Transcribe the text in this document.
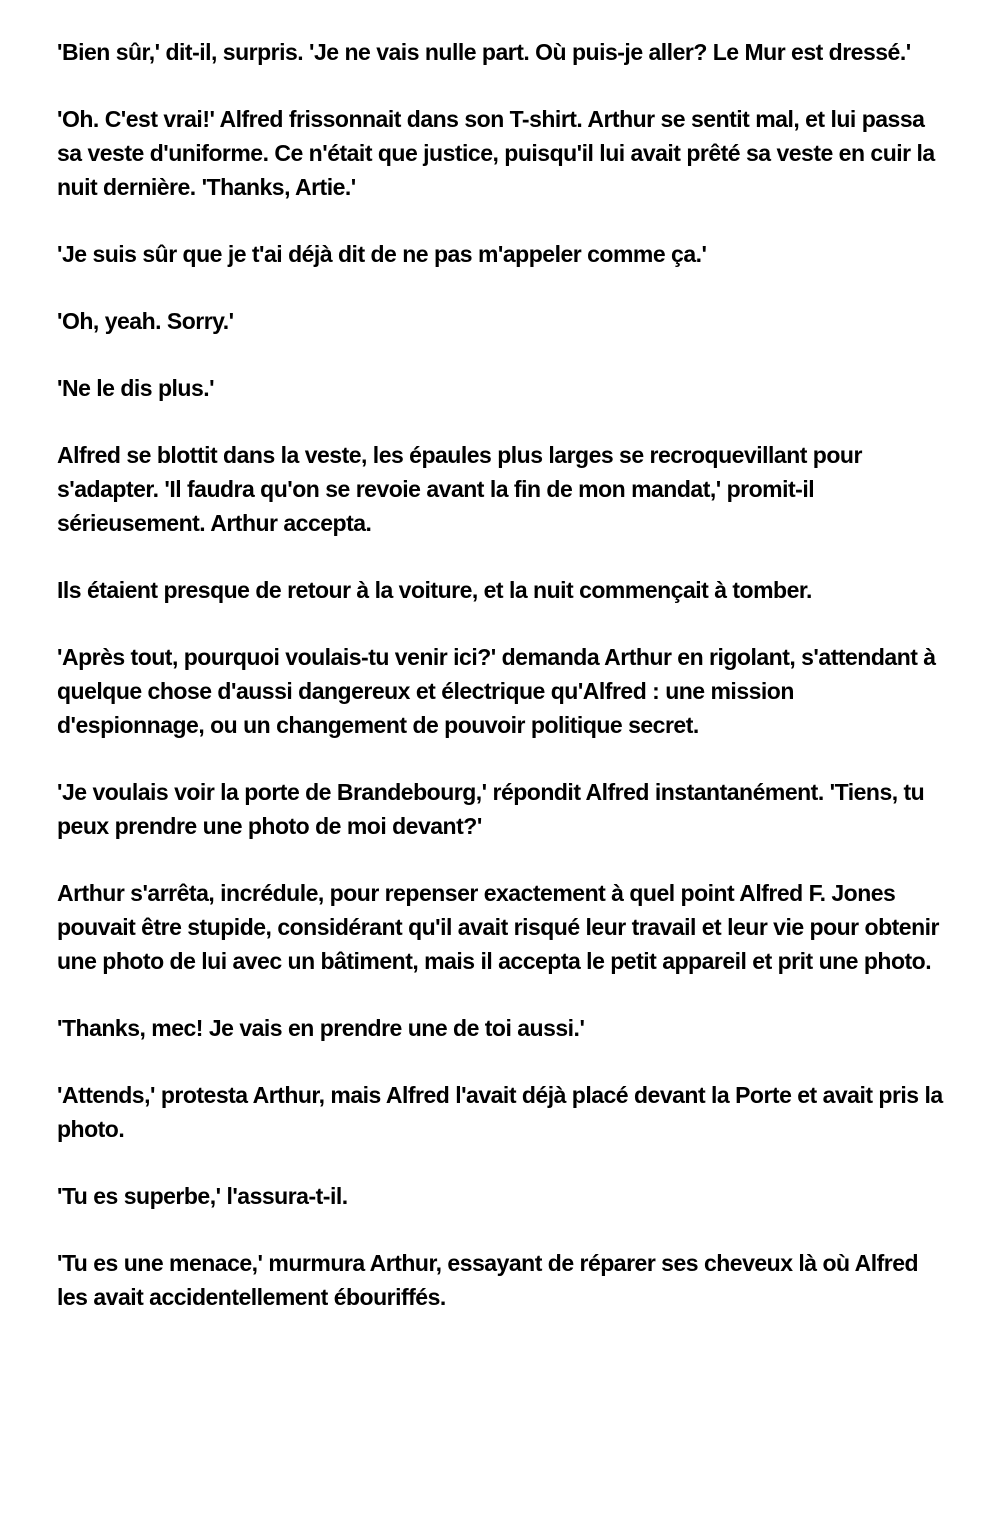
'Bien sûr,' dit-il, surpris. 'Je ne vais nulle part. Où puis-je aller? Le Mur est dressé.'

'Oh. C'est vrai!' Alfred frissonnait dans son T-shirt. Arthur se sentit mal, et lui passa sa veste d'uniforme. Ce n'était que justice, puisqu'il lui avait prêté sa veste en cuir la nuit dernière. 'Thanks, Artie.'

'Je suis sûr que je t'ai déjà dit de ne pas m'appeler comme ça.'

'Oh, yeah. Sorry.'

'Ne le dis plus.'

Alfred se blottit dans la veste, les épaules plus larges se recroquevillant pour s'adapter. 'Il faudra qu'on se revoie avant la fin de mon mandat,' promit-il sérieusement. Arthur accepta.

Ils étaient presque de retour à la voiture, et la nuit commençait à tomber.

'Après tout, pourquoi voulais-tu venir ici?' demanda Arthur en rigolant, s'attendant à quelque chose d'aussi dangereux et électrique qu'Alfred : une mission d'espionnage, ou un changement de pouvoir politique secret.

'Je voulais voir la porte de Brandebourg,' répondit Alfred instantanément. 'Tiens, tu peux prendre une photo de moi devant?'

Arthur s'arrêta, incrédule, pour repenser exactement à quel point Alfred F. Jones pouvait être stupide, considérant qu'il avait risqué leur travail et leur vie pour obtenir une photo de lui avec un bâtiment, mais il accepta le petit appareil et prit une photo.

'Thanks, mec! Je vais en prendre une de toi aussi.'

'Attends,' protesta Arthur, mais Alfred l'avait déjà placé devant la Porte et avait pris la photo.

'Tu es superbe,' l'assura-t-il.

'Tu es une menace,' murmura Arthur, essayant de réparer ses cheveux là où Alfred les avait accidentellement ébouriffés.
